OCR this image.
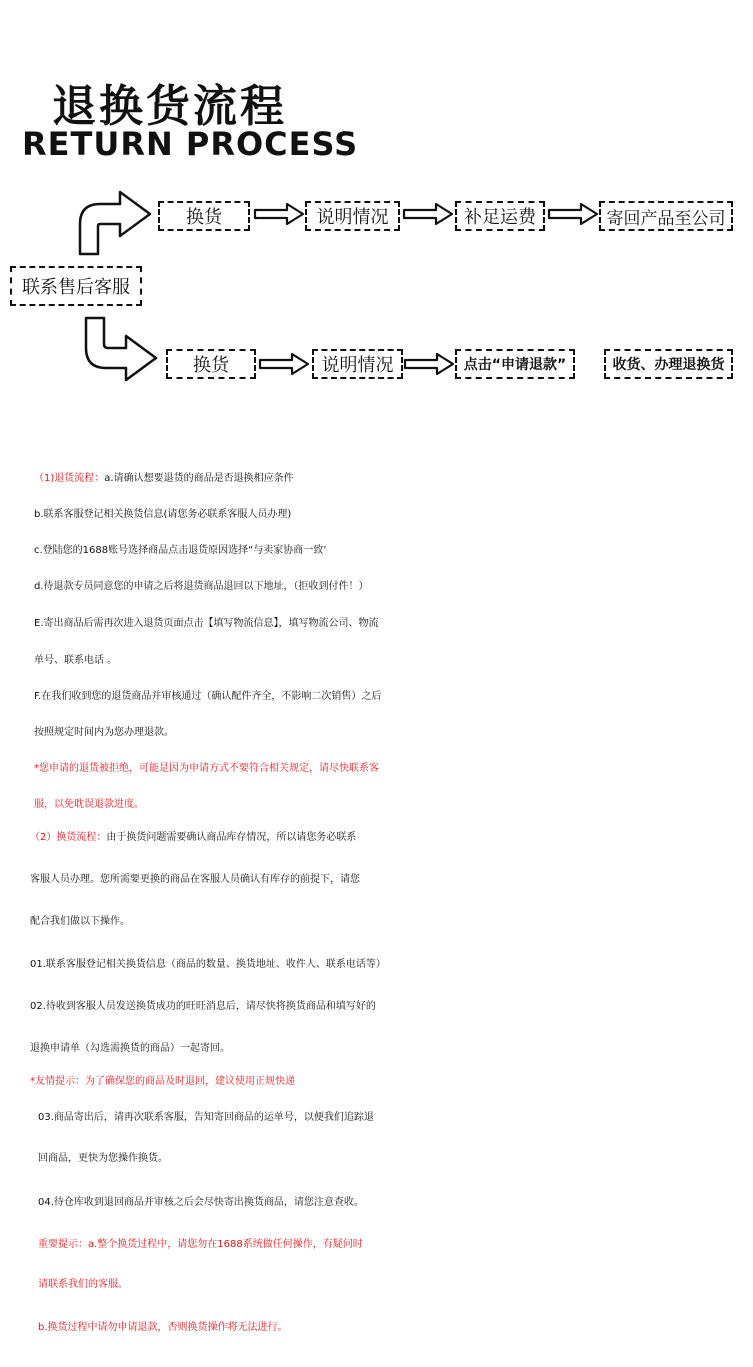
退换货流程
RETURN PROCESS
联系售后客服
换货	说明情况	补足运费	寄回产品至公司
换货	说明情况	点击“申请退款”	收货、办理退换货
（1)退货流程：a.请确认想要退货的商品是否退换相应条件
b.联系客服登记相关换货信息(请您务必联系客服人员办理)
c.登陆您的1688账号选择商品点击退货原因选择“与卖家协商一致’
d.待退款专员同意您的申请之后将退货商品退回以下地址，（拒收到付件！）
E.寄出商品后需再次进入退货页面点击【填写物流信息】，填写物流公司、物流
单号、联系电话 。
F.在我们收到您的退货商品并审核通过（确认配件齐全，不影响二次销售）之后
按照规定时间内为您办理退款。
*您申请的退货被拒绝，可能是因为申请方式不要符合相关规定，请尽快联系客
服，以免耽误退款进度。
（2）换货流程：由于换货问题需要确认商品库存情况，所以请您务必联系
客服人员办理。您所需要更换的商品在客服人员确认有库存的前提下，请您
配合我们做以下操作。
01.联系客服登记相关换货信息（商品的数量、换货地址、收件人、联系电话等）
02.待收到客服人员发送换货成功的旺旺消息后，请尽快将换货商品和填写好的
退换申请单（勾选需换货的商品）一起寄回。
*友情提示：为了确保您的商品及时退回，建议使用正规快递
03.商品寄出后，请再次联系客服，告知寄回商品的运单号，以便我们追踪退
回商品，更快为您操作换货。
04.待仓库收到退回商品并审核之后会尽快寄出换货商品，请您注意查收。
重要提示：a.整个换货过程中，请您勿在1688系统做任何操作，有疑问时
请联系我们的客服。
b.换货过程中请勿申请退款，否则换货操作将无法进行。
